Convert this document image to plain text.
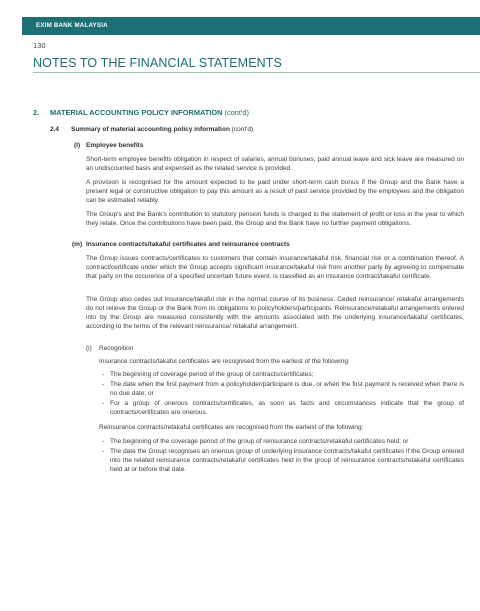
EXIM BANK MALAYSIA
130
NOTES TO THE FINANCIAL STATEMENTS
2. MATERIAL ACCOUNTING POLICY INFORMATION (cont'd)
2.4 Summary of material accounting policy information (cont'd)
(l) Employee benefits
Short-term employee benefits obligation in respect of salaries, annual bonuses, paid annual leave and sick leave are measured on an undiscounted basis and expensed as the related service is provided.
A provision is recognised for the amount expected to be paid under short-term cash bonus if the Group and the Bank have a present legal or constructive obligation to pay this amount as a result of past service provided by the employees and the obligation can be estimated reliably.
The Group's and the Bank's contribution to statutory pension funds is charged to the statement of profit or loss in the year to which they relate. Once the contributions have been paid, the Group and the Bank have no further payment obligations.
(m) Insurance contracts/takaful certificates and reinsurance contracts
The Group issues contracts/certificates to customers that contain insurance/takaful risk, financial risk or a combination thereof. A contract/certificate under which the Group accepts significant insurance/takaful risk from another party by agreeing to compensate that party on the occurence of a specified uncertain future event, is classified as an insurance contract/takaful certificate.
The Group also cedes out insurance/takaful risk in the normal course of its business. Ceded reinsurance/ retakaful arrangements do not relieve the Group or the Bank from its obligations to policyholders/participants. Reinsurance/retakaful arrangements entered into by the Group are measured consistently with the amounts associated with the underlying insurance/takaful certificates, according to the terms of the relevant reinsurance/ retakaful arrangement.
(i) Recognition
Insurance contracts/takaful certificates are recognised from the earliest of the following:
- The beginning of coverage period of the group of contracts/certificates;
- The date when the first payment from a policyholder/participant is due, or when the first payment is received when there is no due date; or
- For a group of onerous contracts/certificates, as soon as facts and circumstances indicate that the group of contracts/certificates are onerous.
Reinsurance contracts/retakaful certificates are recognised from the earliest of the following:
- The beginning of the coverage period of the group of reinsurance contracts/retakaful certificates held; or
- The date the Group recognises an onerous group of underlying insurance contracts/takaful certificates if the Group entered into the related reinsurance contracts/retakaful certificates held in the group of reinsurance contracts/retakaful certificates held at or before that date.
